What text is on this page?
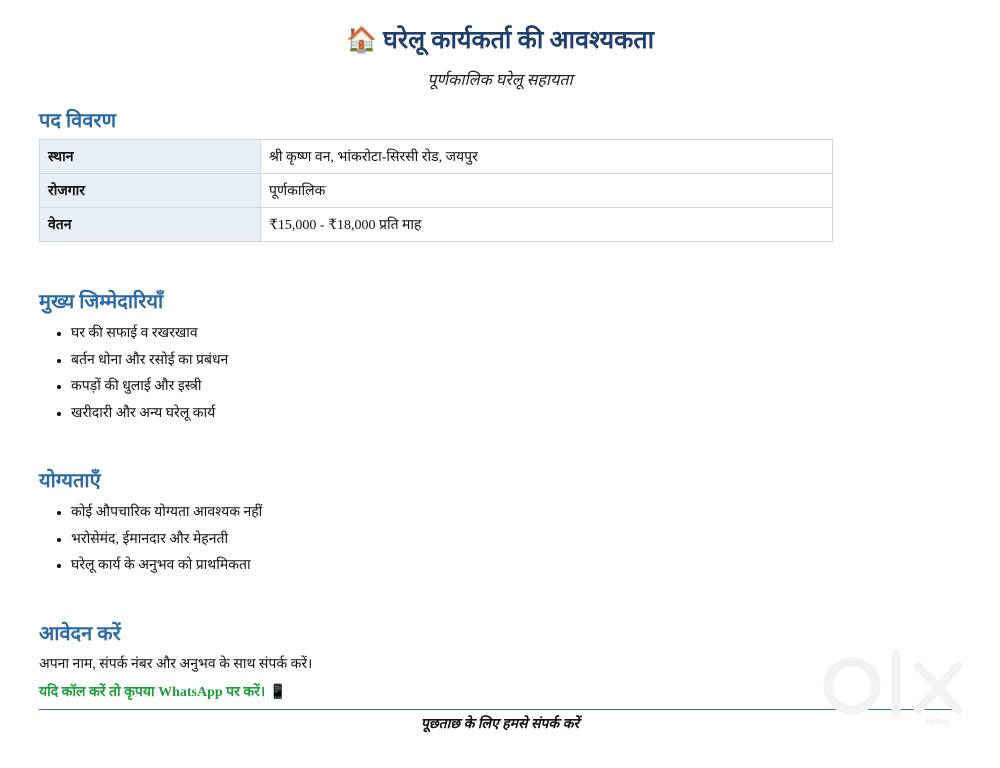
🏠 घरेलू कार्यकर्ता की आवश्यकता
पूर्णकालिक घरेलू सहायता
पद विवरण
स्थान	श्री कृष्ण वन, भांकरोटा-सिरसी रोड, जयपुर
रोजगार	पूर्णकालिक
वेतन	₹15,000 - ₹18,000 प्रति माह
मुख्य जिम्मेदारियाँ
• घर की सफाई व रखरखाव
• बर्तन धोना और रसोई का प्रबंधन
• कपड़ों की धुलाई और इस्त्री
• खरीदारी और अन्य घरेलू कार्य
योग्यताएँ
• कोई औपचारिक योग्यता आवश्यक नहीं
• भरोसेमंद, ईमानदार और मेहनती
• घरेलू कार्य के अनुभव को प्राथमिकता
आवेदन करें
अपना नाम, संपर्क नंबर और अनुभव के साथ संपर्क करें।
यदि कॉल करें तो कृपया WhatsApp पर करें। 📱
पूछताछ के लिए हमसे संपर्क करें	INDIA
